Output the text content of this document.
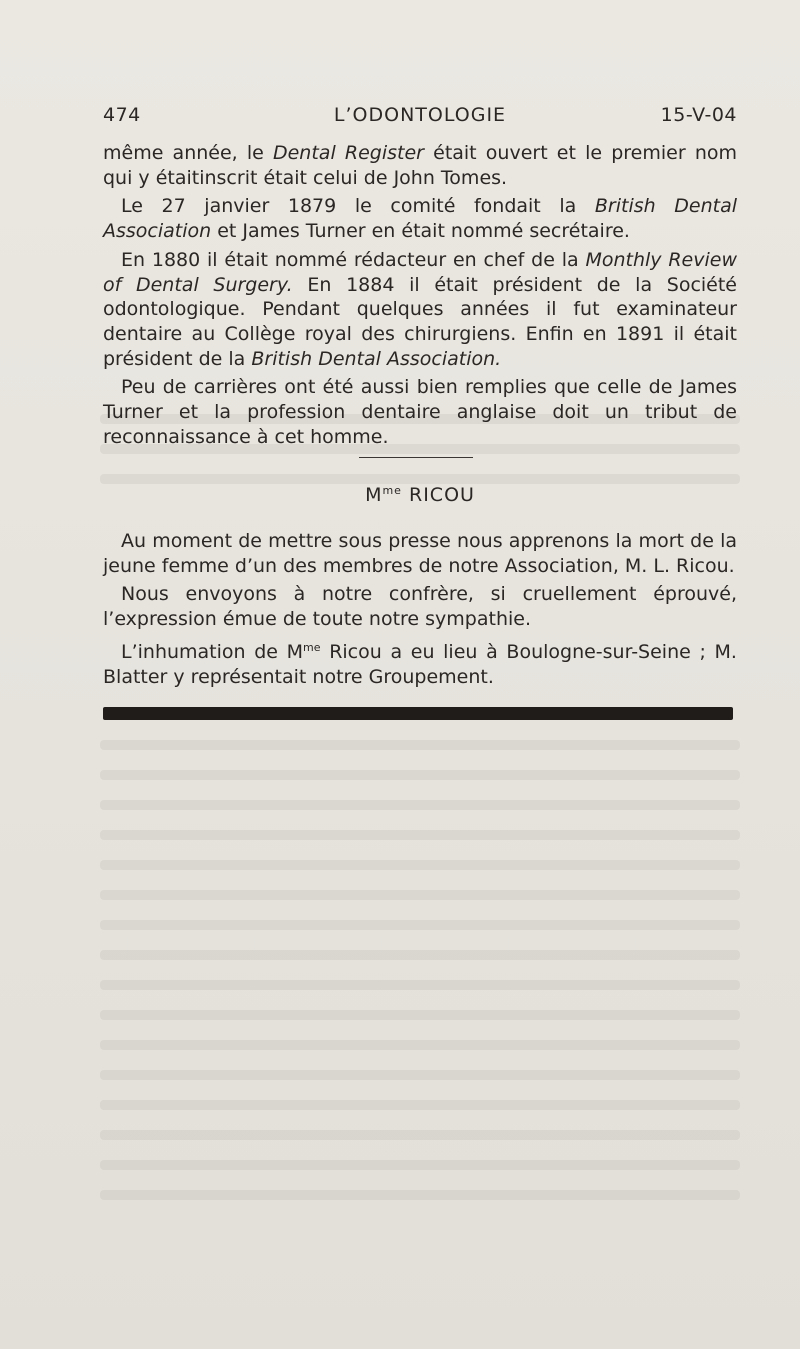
474	L’ODONTOLOGIE	15-V-04

même année, le Dental Register était ouvert et le premier nom qui y étaitinscrit était celui de John Tomes.

Le 27 janvier 1879 le comité fondait la British Dental Association et James Turner en était nommé secrétaire.

En 1880 il était nommé rédacteur en chef de la Monthly Review of Dental Surgery. En 1884 il était président de la Société odontologique. Pendant quelques années il fut examinateur dentaire au Collège royal des chirurgiens. Enfin en 1891 il était président de la British Dental Association.

Peu de carrières ont été aussi bien remplies que celle de James Turner et la profession dentaire anglaise doit un tribut de reconnaissance à cet homme.

$M^{me}$ RICOU

Au moment de mettre sous presse nous apprenons la mort de la jeune femme d’un des membres de notre Association, M. L. Ricou.

Nous envoyons à notre confrère, si cruellement éprouvé, l’expression émue de toute notre sympathie.

L’inhumation de $M^{me}$ Ricou a eu lieu à Boulogne-sur-Seine ; M. Blatter y représentait notre Groupement.
